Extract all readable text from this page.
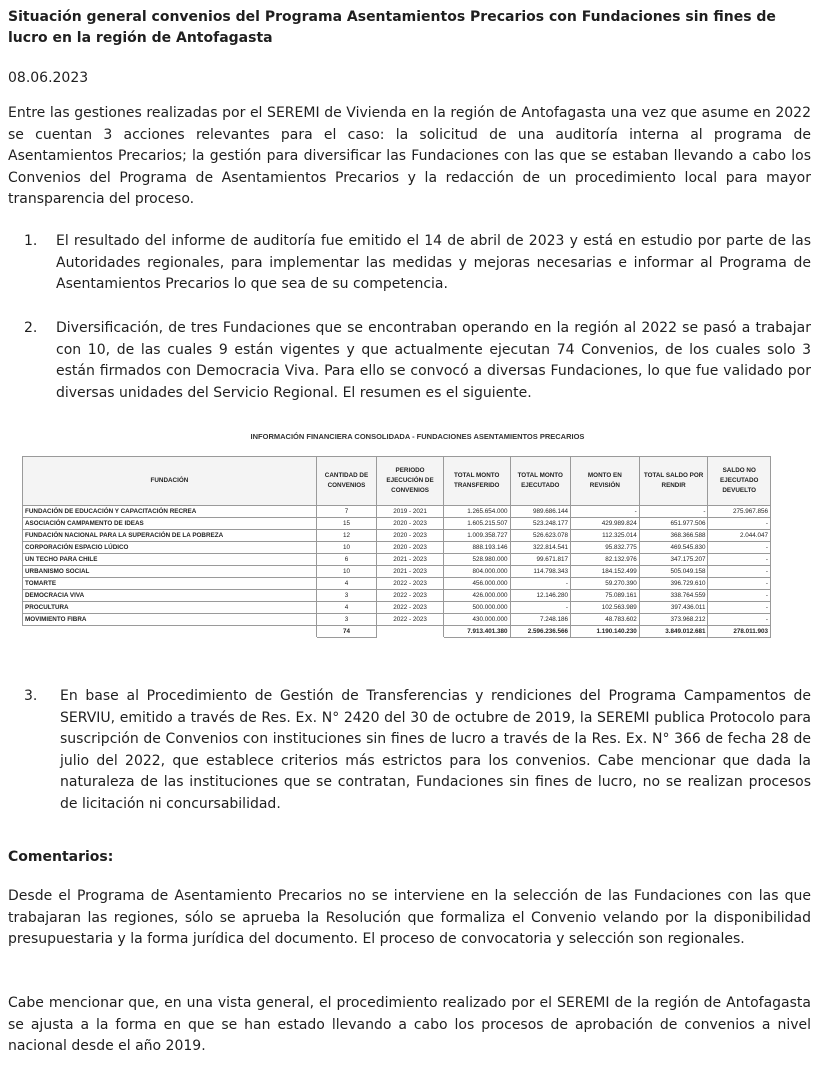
Situación general convenios del Programa Asentamientos Precarios con Fundaciones sin fines de lucro en la región de Antofagasta
08.06.2023
Entre las gestiones realizadas por el SEREMI de Vivienda en la región de Antofagasta una vez que asume en 2022 se cuentan 3 acciones relevantes para el caso: la solicitud de una auditoría interna al programa de Asentamientos Precarios; la gestión para diversificar las Fundaciones con las que se estaban llevando a cabo los Convenios del Programa de Asentamientos Precarios y la redacción de un procedimiento local para mayor transparencia del proceso.
1. El resultado del informe de auditoría fue emitido el 14 de abril de 2023 y está en estudio por parte de las Autoridades regionales, para implementar las medidas y mejoras necesarias e informar al Programa de Asentamientos Precarios lo que sea de su competencia.
2. Diversificación, de tres Fundaciones que se encontraban operando en la región al 2022 se pasó a trabajar con 10, de las cuales 9 están vigentes y que actualmente ejecutan 74 Convenios, de los cuales solo 3 están firmados con Democracia Viva. Para ello se convocó a diversas Fundaciones, lo que fue validado por diversas unidades del Servicio Regional. El resumen es el siguiente.
INFORMACIÓN FINANCIERA CONSOLIDADA - FUNDACIONES ASENTAMIENTOS PRECARIOS
FUNDACIÓN	CANTIDAD DE CONVENIOS	PERIODO EJECUCIÓN DE CONVENIOS	TOTAL MONTO TRANSFERIDO	TOTAL MONTO EJECUTADO	MONTO EN REVISIÓN	TOTAL SALDO POR RENDIR	SALDO NO EJECUTADO DEVUELTO
FUNDACIÓN DE EDUCACIÓN Y CAPACITACIÓN RECREA	7	2019 - 2021	1.265.654.000	989.686.144	-	-	275.967.856
ASOCIACIÓN CAMPAMENTO DE IDEAS	15	2020 - 2023	1.605.215.507	523.248.177	429.989.824	651.977.506	-
FUNDACIÓN NACIONAL PARA LA SUPERACIÓN DE LA POBREZA	12	2020 - 2023	1.009.358.727	526.623.078	112.325.014	368.366.588	2.044.047
CORPORACIÓN ESPACIO LÚDICO	10	2020 - 2023	888.193.146	322.814.541	95.832.775	469.545.830	-
UN TECHO PARA CHILE	6	2021 - 2023	528.980.000	99.671.817	82.132.976	347.175.207	-
URBANISMO SOCIAL	10	2021 - 2023	804.000.000	114.798.343	184.152.499	505.049.158	-
TOMARTE	4	2022 - 2023	456.000.000	-	59.270.390	396.729.610	-
DEMOCRACIA VIVA	3	2022 - 2023	426.000.000	12.146.280	75.089.161	338.764.559	-
PROCULTURA	4	2022 - 2023	500.000.000	-	102.563.989	397.436.011	-
MOVIMIENTO FIBRA	3	2022 - 2023	430.000.000	7.248.186	48.783.602	373.968.212	-
	74		7.913.401.380	2.596.236.566	1.190.140.230	3.849.012.681	278.011.903
3. En base al Procedimiento de Gestión de Transferencias y rendiciones del Programa Campamentos de SERVIU, emitido a través de Res. Ex. N° 2420 del 30 de octubre de 2019, la SEREMI publica Protocolo para suscripción de Convenios con instituciones sin fines de lucro a través de la Res. Ex. N° 366 de fecha 28 de julio del 2022, que establece criterios más estrictos para los convenios. Cabe mencionar que dada la naturaleza de las instituciones que se contratan, Fundaciones sin fines de lucro, no se realizan procesos de licitación ni concursabilidad.
Comentarios:
Desde el Programa de Asentamiento Precarios no se interviene en la selección de las Fundaciones con las que trabajaran las regiones, sólo se aprueba la Resolución que formaliza el Convenio velando por la disponibilidad presupuestaria y la forma jurídica del documento. El proceso de convocatoria y selección son regionales.
Cabe mencionar que, en una vista general, el procedimiento realizado por el SEREMI de la región de Antofagasta se ajusta a la forma en que se han estado llevando a cabo los procesos de aprobación de convenios a nivel nacional desde el año 2019.
